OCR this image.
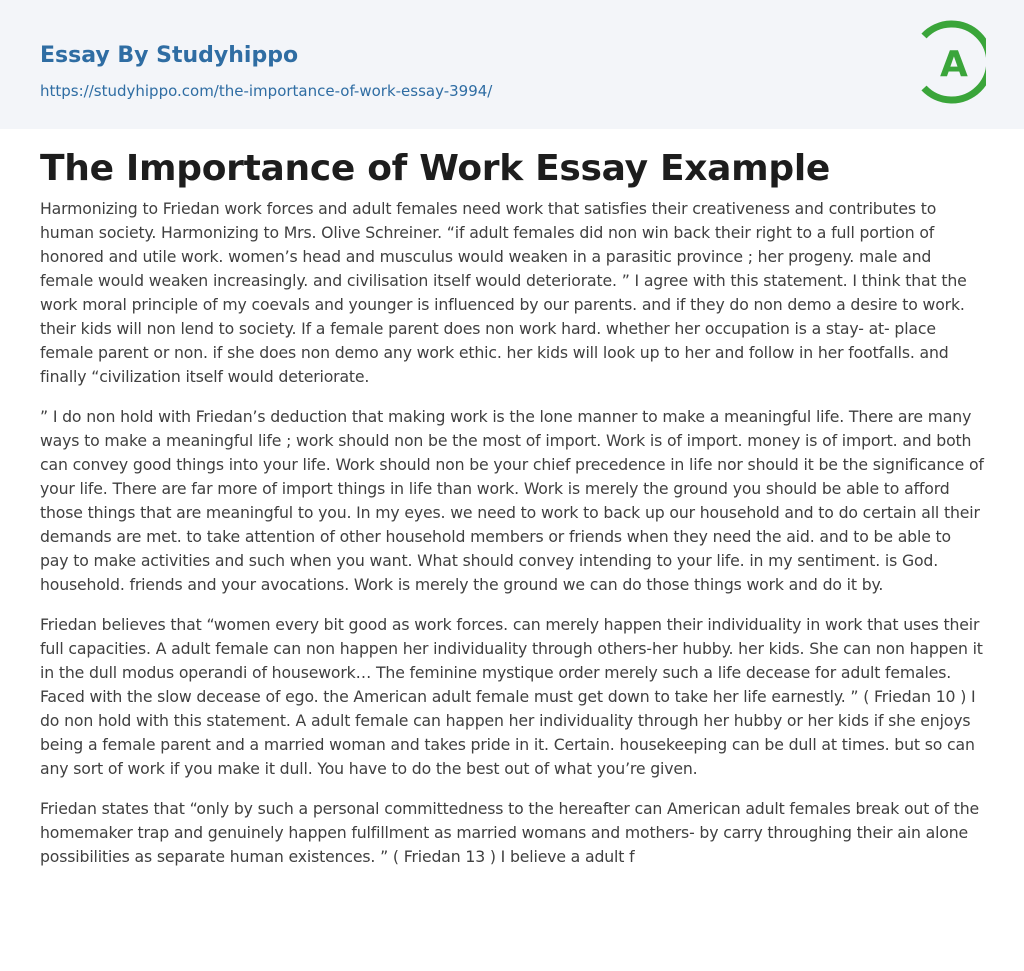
Essay By Studyhippo
https://studyhippo.com/the-importance-of-work-essay-3994/
A
The Importance of Work Essay Example

Harmonizing to Friedan work forces and adult females need work that satisfies their creativeness and contributes to human society. Harmonizing to Mrs. Olive Schreiner. “if adult females did non win back their right to a full portion of honored and utile work. women’s head and musculus would weaken in a parasitic province ; her progeny. male and female would weaken increasingly. and civilisation itself would deteriorate. ” I agree with this statement. I think that the work moral principle of my coevals and younger is influenced by our parents. and if they do non demo a desire to work. their kids will non lend to society. If a female parent does non work hard. whether her occupation is a stay- at- place female parent or non. if she does non demo any work ethic. her kids will look up to her and follow in her footfalls. and finally “civilization itself would deteriorate.

” I do non hold with Friedan’s deduction that making work is the lone manner to make a meaningful life. There are many ways to make a meaningful life ; work should non be the most of import. Work is of import. money is of import. and both can convey good things into your life. Work should non be your chief precedence in life nor should it be the significance of your life. There are far more of import things in life than work. Work is merely the ground you should be able to afford those things that are meaningful to you. In my eyes. we need to work to back up our household and to do certain all their demands are met. to take attention of other household members or friends when they need the aid. and to be able to pay to make activities and such when you want. What should convey intending to your life. in my sentiment. is God. household. friends and your avocations. Work is merely the ground we can do those things work and do it by.

Friedan believes that “women every bit good as work forces. can merely happen their individuality in work that uses their full capacities. A adult female can non happen her individuality through others-her hubby. her kids. She can non happen it in the dull modus operandi of housework… The feminine mystique order merely such a life decease for adult females. Faced with the slow decease of ego. the American adult female must get down to take her life earnestly. ” ( Friedan 10 ) I do non hold with this statement. A adult female can happen her individuality through her hubby or her kids if she enjoys being a female parent and a married woman and takes pride in it. Certain. housekeeping can be dull at times. but so can any sort of work if you make it dull. You have to do the best out of what you’re given.

Friedan states that “only by such a personal committedness to the hereafter can American adult females break out of the homemaker trap and genuinely happen fulfillment as married womans and mothers- by carry throughing their ain alone possibilities as separate human existences. ” ( Friedan 13 ) I believe a adult f
